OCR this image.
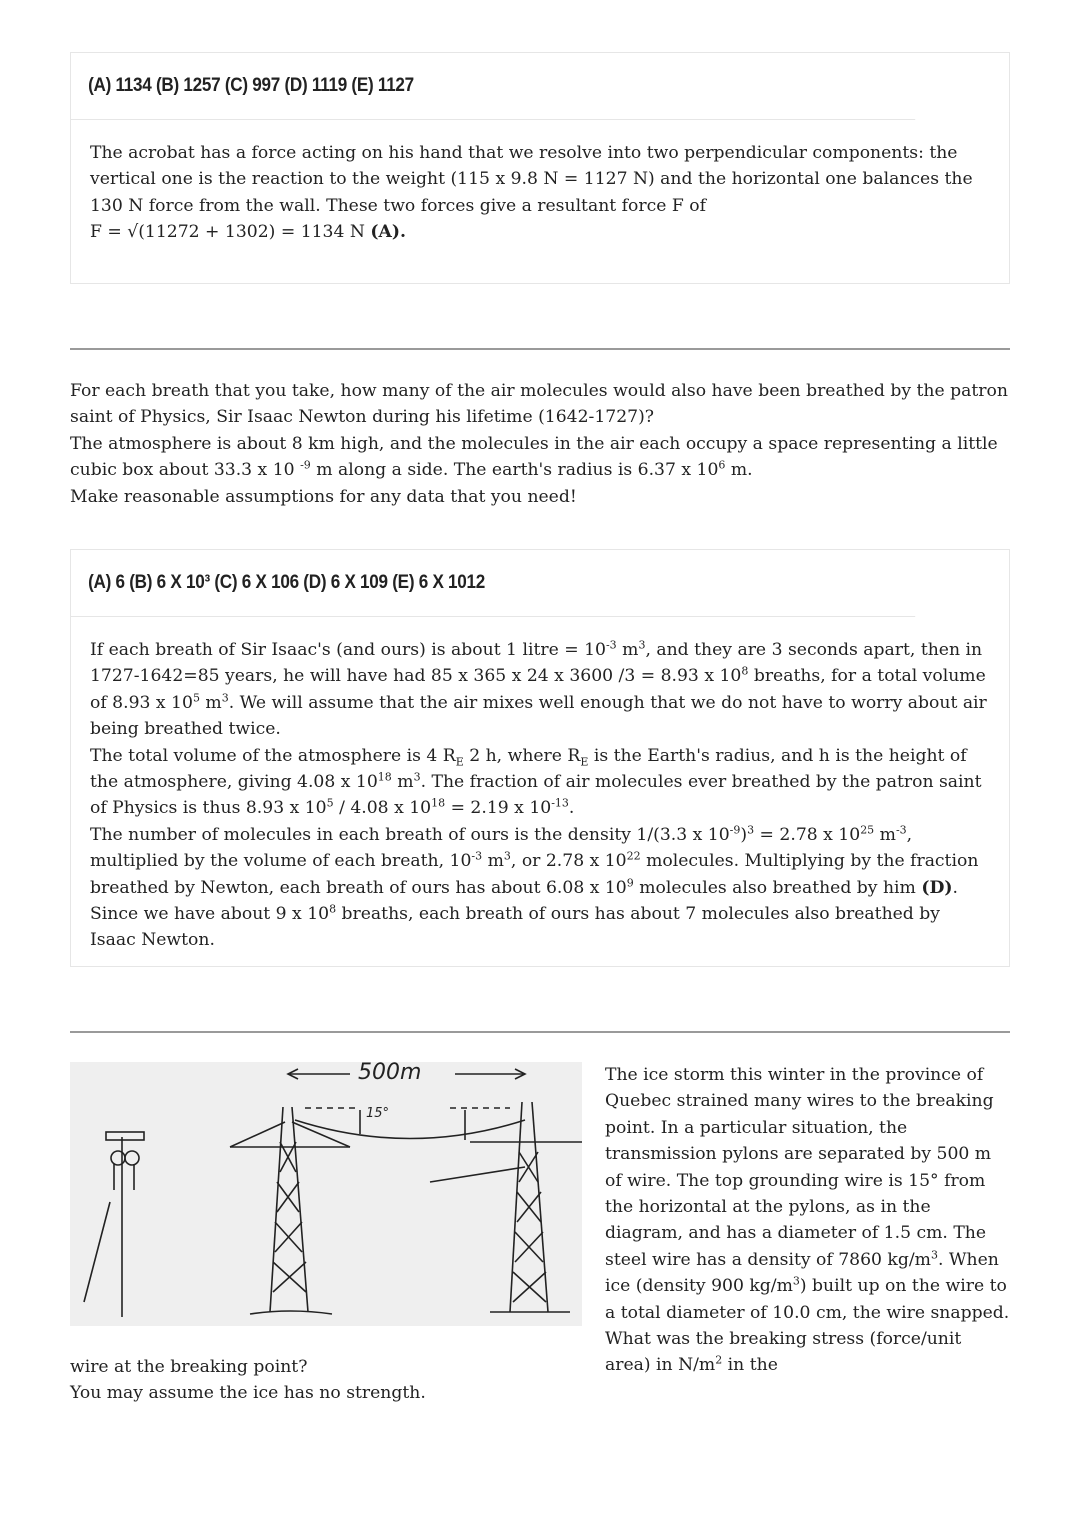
(A) 1134 (B) 1257 (C) 997 (D) 1119 (E) 1127

The acrobat has a force acting on his hand that we resolve into two perpendicular components: the vertical one is the reaction to the weight (115 x 9.8 N = 1127 N) and the horizontal one balances the 130 N force from the wall. These two forces give a resultant force F of

F = √(11272 + 1302) = 1134 N (A).

For each breath that you take, how many of the air molecules would also have been breathed by the patron saint of Physics, Sir Isaac Newton during his lifetime (1642-1727)?

The atmosphere is about 8 km high, and the molecules in the air each occupy a space representing a little cubic box about 33.3 x 10 $^{-9}$ m along a side. The earth's radius is 6.37 x $10^6$ m.

Make reasonable assumptions for any data that you need!

(A) 6 (B) 6 X 10³ (C) 6 X 106 (D) 6 X 109 (E) 6 X 1012

If each breath of Sir Isaac's (and ours) is about 1 litre = $10^{-3}$ $m^3$, and they are 3 seconds apart, then in 1727-1642=85 years, he will have had 85 x 365 x 24 x 3600 /3 = 8.93 x $10^8$ breaths, for a total volume of 8.93 x $10^5$ $m^3$. We will assume that the air mixes well enough that we do not have to worry about air being breathed twice.

The total volume of the atmosphere is 4 $R_E$ 2 h, where $R_E$ is the Earth's radius, and h is the height of the atmosphere, giving 4.08 x $10^{18}$ $m^3$. The fraction of air molecules ever breathed by the patron saint of Physics is thus 8.93 x $10^5 / 4.08$ x $10^{18} = 2.19$ x $10^{-13}$.

The number of molecules in each breath of ours is the density 1/(3.3 x $10^{-9})^3 = 2.78$ x $10^{25}$ $m^{-3}$, multiplied by the volume of each breath, $10^{-3}$ $m^3$, or 2.78 x $10^{22}$ molecules. Multiplying by the fraction breathed by Newton, each breath of ours has about 6.08 x $10^9$ molecules also breathed by him (D). Since we have about 9 x $10^8$ breaths, each breath of ours has about 7 molecules also breathed by Isaac Newton.

500m
15°
The ice storm this winter in the province of Quebec strained many wires to the breaking point. In a particular situation, the transmission pylons are separated by 500 m of wire. The top grounding wire is 15° from the horizontal at the pylons, as in the diagram, and has a diameter of 1.5 cm. The steel wire has a density of 7860 $kg/m^3$. When ice (density 900 $kg/m^3$) built up on the wire to a total diameter of 10.0 cm, the wire snapped. What was the breaking stress (force/unit area) in $N/m^2$ in the

wire at the breaking point?

You may assume the ice has no strength.
